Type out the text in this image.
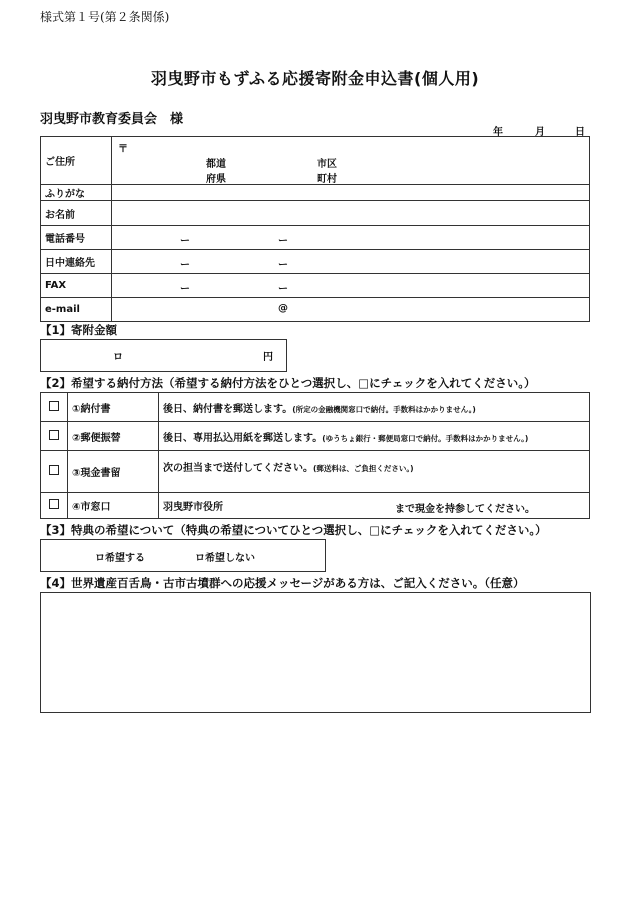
様式第１号(第２条関係)
羽曳野市もずふる応援寄附金申込書(個人用)
羽曳野市教育委員会　様
年	月	日
ご住所	〒
都道
府県
市区
町村

ふりがな	
お名前	
電話番号	ー ー

日中連絡先	ー ー

FAX	ー ー

e-mail	@
【1】寄附金額
ロ	円
【2】希望する納付方法（希望する納付方法をひとつ選択し、□にチェックを入れてください。）
	①納付書	後日、納付書を郵送します。(所定の金融機関窓口で納付。手数料はかかりません。)
	②郵便振替	後日、専用払込用紙を郵送します。(ゆうちょ銀行・郵便局窓口で納付。手数料はかかりません。)
	③現金書留	次の担当まで送付してください。(郵送料は、ご負担ください。)
	④市窓口	羽曳野市役所 まで現金を持参してください。
【3】特典の希望について（特典の希望についてひとつ選択し、□にチェックを入れてください。）
ロ希望する	ロ希望しない
【4】世界遺産百舌鳥・古市古墳群への応援メッセージがある方は、ご記入ください。（任意）
